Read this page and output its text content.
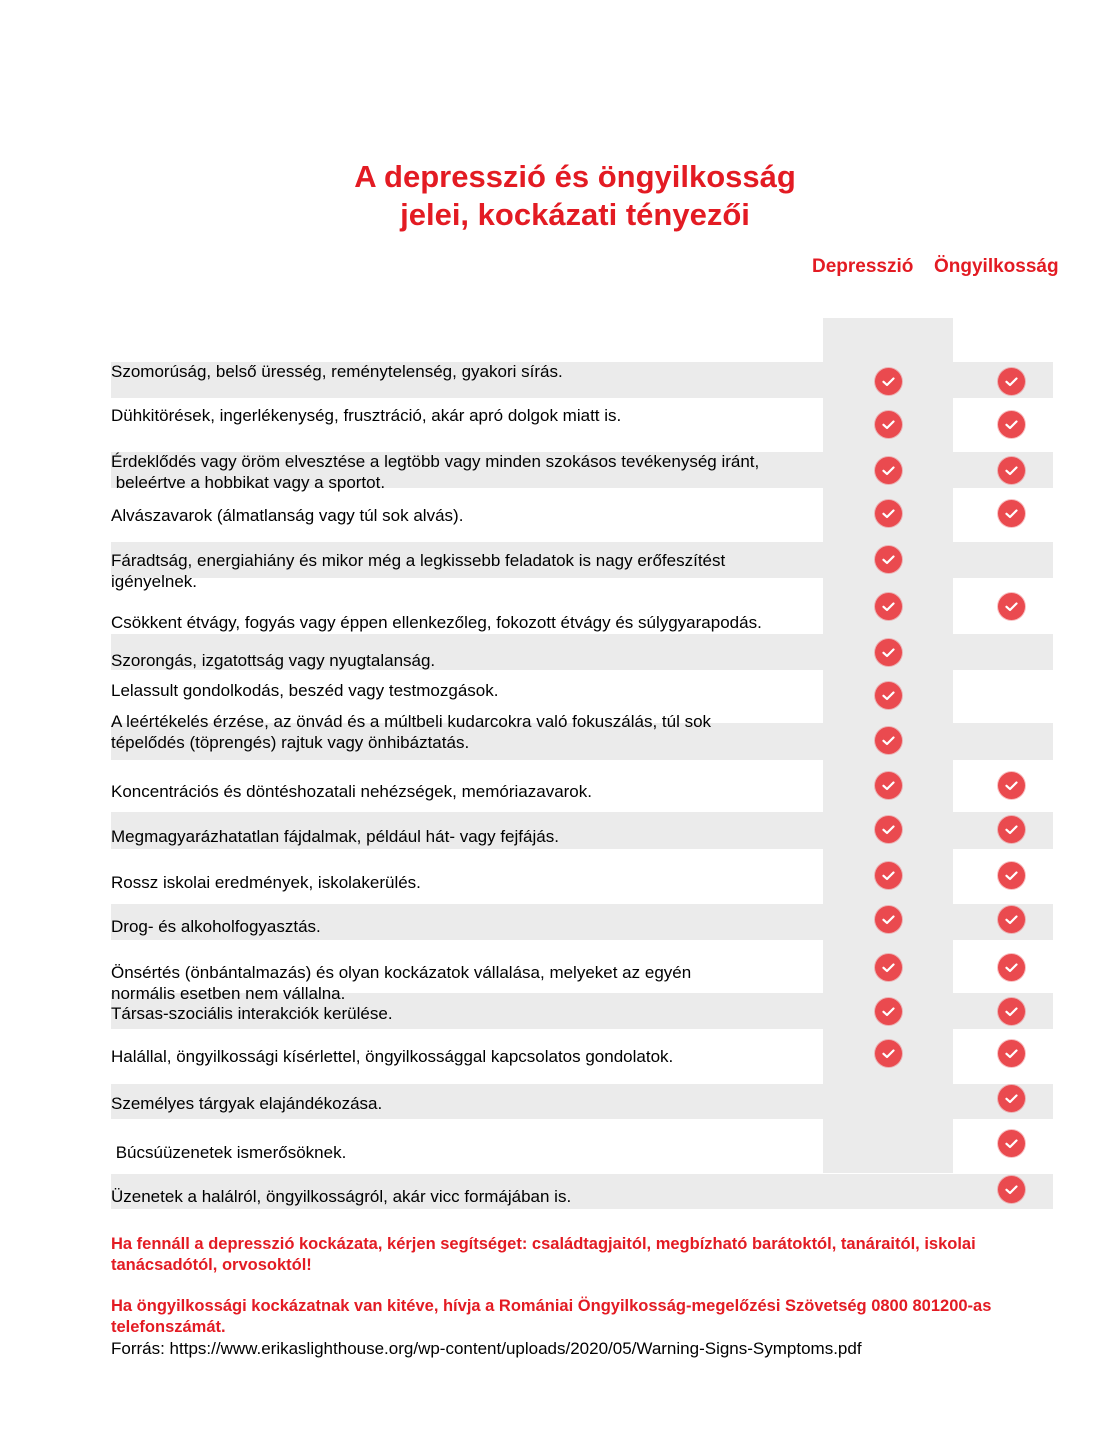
A depresszió és öngyilkosság
jelei, kockázati tényezői
Depresszió Öngyilkosság
Szomorúság, belső üresség, reménytelenség, gyakori sírás.
Dühkitörések, ingerlékenység, frusztráció, akár apró dolgok miatt is.
Érdeklődés vagy öröm elvesztése a legtöbb vagy minden szokásos tevékenység iránt,
beleértve a hobbikat vagy a sportot.
Alvászavarok (álmatlanság vagy túl sok alvás).
Fáradtság, energiahiány és mikor még a legkissebb feladatok is nagy erőfeszítést
igényelnek.
Csökkent étvágy, fogyás vagy éppen ellenkezőleg, fokozott étvágy és súlygyarapodás.
Szorongás, izgatottság vagy nyugtalanság.
Lelassult gondolkodás, beszéd vagy testmozgások.
A leértékelés érzése, az önvád és a múltbeli kudarcokra való fokuszálás, túl sok
tépelődés (töprengés) rajtuk vagy önhibáztatás.
Koncentrációs és döntéshozatali nehézségek, memóriazavarok.
Megmagyarázhatatlan fájdalmak, például hát- vagy fejfájás.
Rossz iskolai eredmények, iskolakerülés.
Drog- és alkoholfogyasztás.
Önsértés (önbántalmazás) és olyan kockázatok vállalása, melyeket az egyén
normális esetben nem vállalna.
Társas-szociális interakciók kerülése.
Halállal, öngyilkossági kísérlettel, öngyilkossággal kapcsolatos gondolatok.
Személyes tárgyak elajándékozása.
Búcsúüzenetek ismerősöknek.
Üzenetek a halálról, öngyilkosságról, akár vicc formájában is.
Ha fennáll a depresszió kockázata, kérjen segítséget: családtagjaitól, megbízható barátoktól, tanáraitól, iskolai tanácsadótól, orvosoktól!
Ha öngyilkossági kockázatnak van kitéve, hívja a Romániai Öngyilkosság-megelőzési Szövetség 0800 801200-as telefonszámát.
Forrás: https://www.erikaslighthouse.org/wp-content/uploads/2020/05/Warning-Signs-Symptoms.pdf
